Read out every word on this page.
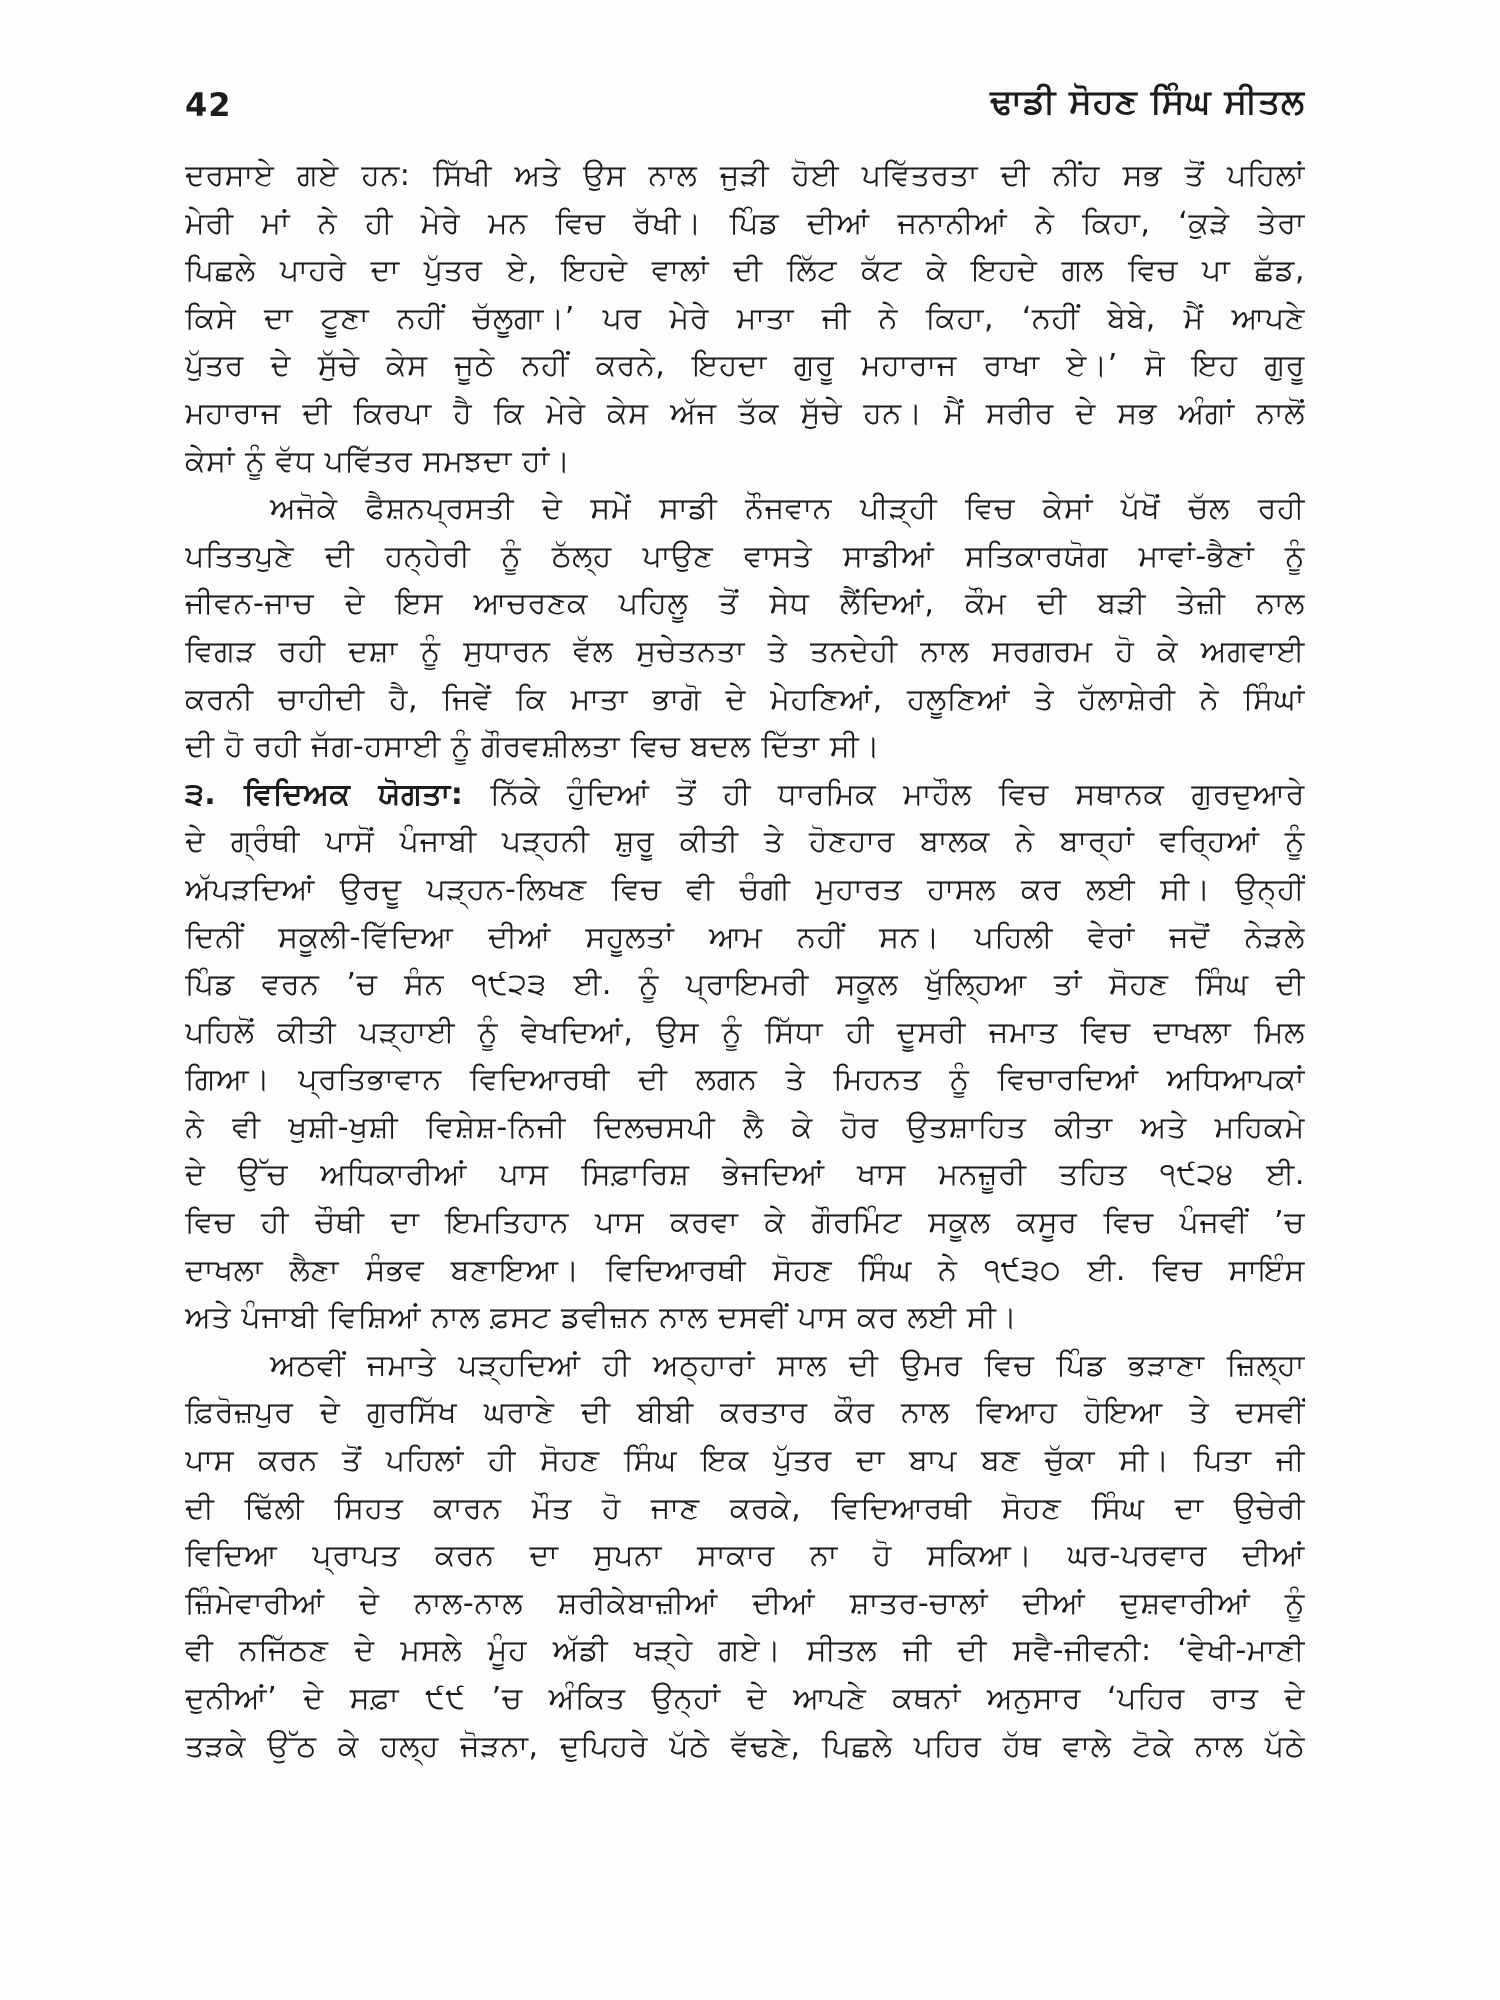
42	ਢਾਡੀ ਸੋਹਣ ਸਿੰਘ ਸੀਤਲ
ਦਰਸਾਏ ਗਏ ਹਨ: ਸਿੱਖੀ ਅਤੇ ਉਸ ਨਾਲ ਜੁੜੀ ਹੋਈ ਪਵਿੱਤਰਤਾ ਦੀ ਨੀਂਹ ਸਭ ਤੋਂ ਪਹਿਲਾਂ
ਮੇਰੀ ਮਾਂ ਨੇ ਹੀ ਮੇਰੇ ਮਨ ਵਿਚ ਰੱਖੀ। ਪਿੰਡ ਦੀਆਂ ਜਨਾਨੀਆਂ ਨੇ ਕਿਹਾ, ‘ਕੁੜੇ ਤੇਰਾ
ਪਿਛਲੇ ਪਾਹਰੇ ਦਾ ਪੁੱਤਰ ਏ, ਇਹਦੇ ਵਾਲਾਂ ਦੀ ਲਿੱਟ ਕੱਟ ਕੇ ਇਹਦੇ ਗਲ ਵਿਚ ਪਾ ਛੱਡ,
ਕਿਸੇ ਦਾ ਟੂਣਾ ਨਹੀਂ ਚੱਲੂਗਾ।’ ਪਰ ਮੇਰੇ ਮਾਤਾ ਜੀ ਨੇ ਕਿਹਾ, ‘ਨਹੀਂ ਬੇਬੇ, ਮੈਂ ਆਪਣੇ
ਪੁੱਤਰ ਦੇ ਸੁੱਚੇ ਕੇਸ ਜੂਠੇ ਨਹੀਂ ਕਰਨੇ, ਇਹਦਾ ਗੁਰੂ ਮਹਾਰਾਜ ਰਾਖਾ ਏ।’ ਸੋ ਇਹ ਗੁਰੂ
ਮਹਾਰਾਜ ਦੀ ਕਿਰਪਾ ਹੈ ਕਿ ਮੇਰੇ ਕੇਸ ਅੱਜ ਤੱਕ ਸੁੱਚੇ ਹਨ। ਮੈਂ ਸਰੀਰ ਦੇ ਸਭ ਅੰਗਾਂ ਨਾਲੋਂ
ਕੇਸਾਂ ਨੂੰ ਵੱਧ ਪਵਿੱਤਰ ਸਮਝਦਾ ਹਾਂ।
ਅਜੋਕੇ ਫੈਸ਼ਨਪ੍ਰਸਤੀ ਦੇ ਸਮੇਂ ਸਾਡੀ ਨੌਜਵਾਨ ਪੀੜ੍ਹੀ ਵਿਚ ਕੇਸਾਂ ਪੱਖੋਂ ਚੱਲ ਰਹੀ
ਪਤਿਤਪੁਣੇ ਦੀ ਹਨ੍ਹੇਰੀ ਨੂੰ ਠੱਲ੍ਹ ਪਾਉਣ ਵਾਸਤੇ ਸਾਡੀਆਂ ਸਤਿਕਾਰਯੋਗ ਮਾਵਾਂ-ਭੈਣਾਂ ਨੂੰ
ਜੀਵਨ-ਜਾਚ ਦੇ ਇਸ ਆਚਰਣਕ ਪਹਿਲੂ ਤੋਂ ਸੇਧ ਲੈਂਦਿਆਂ, ਕੌਮ ਦੀ ਬੜੀ ਤੇਜ਼ੀ ਨਾਲ
ਵਿਗੜ ਰਹੀ ਦਸ਼ਾ ਨੂੰ ਸੁਧਾਰਨ ਵੱਲ ਸੁਚੇਤਨਤਾ ਤੇ ਤਨਦੇਹੀ ਨਾਲ ਸਰਗਰਮ ਹੋ ਕੇ ਅਗਵਾਈ
ਕਰਨੀ ਚਾਹੀਦੀ ਹੈ, ਜਿਵੇਂ ਕਿ ਮਾਤਾ ਭਾਗੋ ਦੇ ਮੇਹਣਿਆਂ, ਹਲੂਣਿਆਂ ਤੇ ਹੱਲਾਸ਼ੇਰੀ ਨੇ ਸਿੰਘਾਂ
ਦੀ ਹੋ ਰਹੀ ਜੱਗ-ਹਸਾਈ ਨੂੰ ਗੌਰਵਸ਼ੀਲਤਾ ਵਿਚ ਬਦਲ ਦਿੱਤਾ ਸੀ।
੩. ਵਿਦਿਅਕ ਯੋਗਤਾ: ਨਿੱਕੇ ਹੁੰਦਿਆਂ ਤੋਂ ਹੀ ਧਾਰਮਿਕ ਮਾਹੌਲ ਵਿਚ ਸਥਾਨਕ ਗੁਰਦੁਆਰੇ
ਦੇ ਗ੍ਰੰਥੀ ਪਾਸੋਂ ਪੰਜਾਬੀ ਪੜ੍ਹਨੀ ਸ਼ੁਰੂ ਕੀਤੀ ਤੇ ਹੋਣਹਾਰ ਬਾਲਕ ਨੇ ਬਾਰ੍ਹਾਂ ਵਰ੍ਹਿਆਂ ਨੂੰ
ਅੱਪੜਦਿਆਂ ਉਰਦੂ ਪੜ੍ਹਨ-ਲਿਖਣ ਵਿਚ ਵੀ ਚੰਗੀ ਮੁਹਾਰਤ ਹਾਸਲ ਕਰ ਲਈ ਸੀ। ਉਨ੍ਹੀਂ
ਦਿਨੀਂ ਸਕੂਲੀ-ਵਿੱਦਿਆ ਦੀਆਂ ਸਹੂਲਤਾਂ ਆਮ ਨਹੀਂ ਸਨ। ਪਹਿਲੀ ਵੇਰਾਂ ਜਦੋਂ ਨੇੜਲੇ
ਪਿੰਡ ਵਰਨ ’ਚ ਸੰਨ ੧੯੨੩ ਈ. ਨੂੰ ਪ੍ਰਾਇਮਰੀ ਸਕੂਲ ਖੁੱਲ੍ਹਿਆ ਤਾਂ ਸੋਹਣ ਸਿੰਘ ਦੀ
ਪਹਿਲੋਂ ਕੀਤੀ ਪੜ੍ਹਾਈ ਨੂੰ ਵੇਖਦਿਆਂ, ਉਸ ਨੂੰ ਸਿੱਧਾ ਹੀ ਦੂਸਰੀ ਜਮਾਤ ਵਿਚ ਦਾਖਲਾ ਮਿਲ
ਗਿਆ। ਪ੍ਰਤਿਭਾਵਾਨ ਵਿਦਿਆਰਥੀ ਦੀ ਲਗਨ ਤੇ ਮਿਹਨਤ ਨੂੰ ਵਿਚਾਰਦਿਆਂ ਅਧਿਆਪਕਾਂ
ਨੇ ਵੀ ਖੁਸ਼ੀ-ਖੁਸ਼ੀ ਵਿਸ਼ੇਸ਼-ਨਿਜੀ ਦਿਲਚਸਪੀ ਲੈ ਕੇ ਹੋਰ ਉਤਸ਼ਾਹਿਤ ਕੀਤਾ ਅਤੇ ਮਹਿਕਮੇ
ਦੇ ਉੱਚ ਅਧਿਕਾਰੀਆਂ ਪਾਸ ਸਿਫ਼ਾਰਿਸ਼ ਭੇਜਦਿਆਂ ਖਾਸ ਮਨਜ਼ੂਰੀ ਤਹਿਤ ੧੯੨੪ ਈ.
ਵਿਚ ਹੀ ਚੌਥੀ ਦਾ ਇਮਤਿਹਾਨ ਪਾਸ ਕਰਵਾ ਕੇ ਗੌਰਮਿੰਟ ਸਕੂਲ ਕਸੂਰ ਵਿਚ ਪੰਜਵੀਂ ’ਚ
ਦਾਖਲਾ ਲੈਣਾ ਸੰਭਵ ਬਣਾਇਆ। ਵਿਦਿਆਰਥੀ ਸੋਹਣ ਸਿੰਘ ਨੇ ੧੯੩੦ ਈ. ਵਿਚ ਸਾਇੰਸ
ਅਤੇ ਪੰਜਾਬੀ ਵਿਸ਼ਿਆਂ ਨਾਲ ਫ਼ਸਟ ਡਵੀਜ਼ਨ ਨਾਲ ਦਸਵੀਂ ਪਾਸ ਕਰ ਲਈ ਸੀ।
ਅਠਵੀਂ ਜਮਾਤੇ ਪੜ੍ਹਦਿਆਂ ਹੀ ਅਠ੍ਹਾਰਾਂ ਸਾਲ ਦੀ ਉਮਰ ਵਿਚ ਪਿੰਡ ਭੜਾਣਾ ਜ਼ਿਲ੍ਹਾ
ਫ਼ਿਰੋਜ਼ਪੁਰ ਦੇ ਗੁਰਸਿੱਖ ਘਰਾਣੇ ਦੀ ਬੀਬੀ ਕਰਤਾਰ ਕੌਰ ਨਾਲ ਵਿਆਹ ਹੋਇਆ ਤੇ ਦਸਵੀਂ
ਪਾਸ ਕਰਨ ਤੋਂ ਪਹਿਲਾਂ ਹੀ ਸੋਹਣ ਸਿੰਘ ਇਕ ਪੁੱਤਰ ਦਾ ਬਾਪ ਬਣ ਚੁੱਕਾ ਸੀ। ਪਿਤਾ ਜੀ
ਦੀ ਢਿੱਲੀ ਸਿਹਤ ਕਾਰਨ ਮੌਤ ਹੋ ਜਾਣ ਕਰਕੇ, ਵਿਦਿਆਰਥੀ ਸੋਹਣ ਸਿੰਘ ਦਾ ਉਚੇਰੀ
ਵਿਦਿਆ ਪ੍ਰਾਪਤ ਕਰਨ ਦਾ ਸੁਪਨਾ ਸਾਕਾਰ ਨਾ ਹੋ ਸਕਿਆ। ਘਰ-ਪਰਵਾਰ ਦੀਆਂ
ਜ਼ਿੰਮੇਵਾਰੀਆਂ ਦੇ ਨਾਲ-ਨਾਲ ਸ਼ਰੀਕੇਬਾਜ਼ੀਆਂ ਦੀਆਂ ਸ਼ਾਤਰ-ਚਾਲਾਂ ਦੀਆਂ ਦੁਸ਼ਵਾਰੀਆਂ ਨੂੰ
ਵੀ ਨਜਿੱਠਣ ਦੇ ਮਸਲੇ ਮੂੰਹ ਅੱਡੀ ਖੜ੍ਹੇ ਗਏ। ਸੀਤਲ ਜੀ ਦੀ ਸਵੈ-ਜੀਵਨੀ: ‘ਵੇਖੀ-ਮਾਣੀ
ਦੁਨੀਆਂ’ ਦੇ ਸਫ਼ਾ ੯੯ ’ਚ ਅੰਕਿਤ ਉਨ੍ਹਾਂ ਦੇ ਆਪਣੇ ਕਥਨਾਂ ਅਨੁਸਾਰ ‘ਪਹਿਰ ਰਾਤ ਦੇ
ਤੜਕੇ ਉੱਠ ਕੇ ਹਲ੍ਹ ਜੋੜਨਾ, ਦੁਪਿਹਰੇ ਪੱਠੇ ਵੱਢਣੇ, ਪਿਛਲੇ ਪਹਿਰ ਹੱਥ ਵਾਲੇ ਟੋਕੇ ਨਾਲ ਪੱਠੇ
